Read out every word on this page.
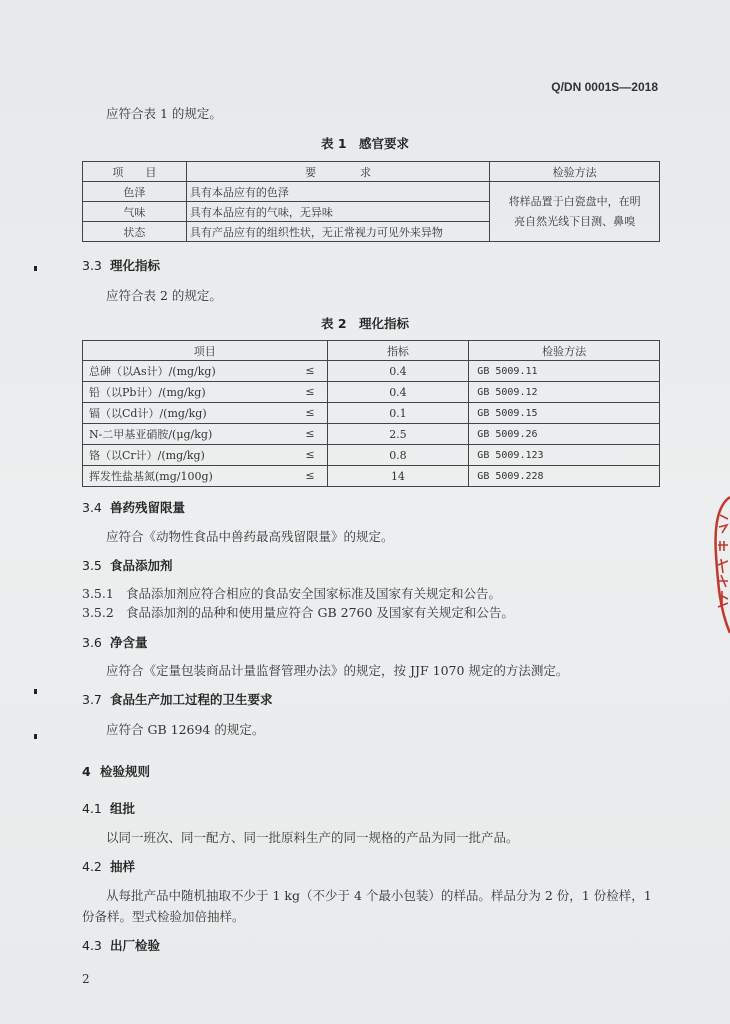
Q/DN 0001S—2018
应符合表 1 的规定。
表 1　感官要求
项　　目	要　　　　求	检验方法
色泽	具有本品应有的色泽	将样品置于白瓷盘中，在明
亮自然光线下目测、鼻嗅

气味	具有本品应有的气味，无异味	
状态	具有产品应有的组织性状，无正常视力可见外来异物	
3.3 理化指标
应符合表 2 的规定。
表 2　理化指标
项目	指标	检验方法
总砷（以As计）/(mg/kg) ≤	0.4	GB 5009.11
铅（以Pb计）/(mg/kg) ≤	0.4	GB 5009.12
镉（以Cd计）/(mg/kg) ≤	0.1	GB 5009.15
N-二甲基亚硝胺/(μg/kg) ≤	2.5	GB 5009.26
铬（以Cr计）/(mg/kg) ≤	0.8	GB 5009.123
挥发性盐基氮(mg/100g) ≤	14	GB 5009.228
3.4 兽药残留限量
应符合《动物性食品中兽药最高残留限量》的规定。
3.5 食品添加剂
3.5.1 食品添加剂应符合相应的食品安全国家标准及国家有关规定和公告。
3.5.2 食品添加剂的品种和使用量应符合 GB 2760 及国家有关规定和公告。
3.6 净含量
应符合《定量包装商品计量监督管理办法》的规定，按 JJF 1070 规定的方法测定。
3.7 食品生产加工过程的卫生要求
应符合 GB 12694 的规定。
4 检验规则
4.1 组批
以同一班次、同一配方、同一批原料生产的同一规格的产品为同一批产品。
4.2 抽样
从每批产品中随机抽取不少于 1 kg（不少于 4 个最小包装）的样品。样品分为 2 份，1 份检样，1
份备样。型式检验加倍抽样。
4.3 出厂检验
2
